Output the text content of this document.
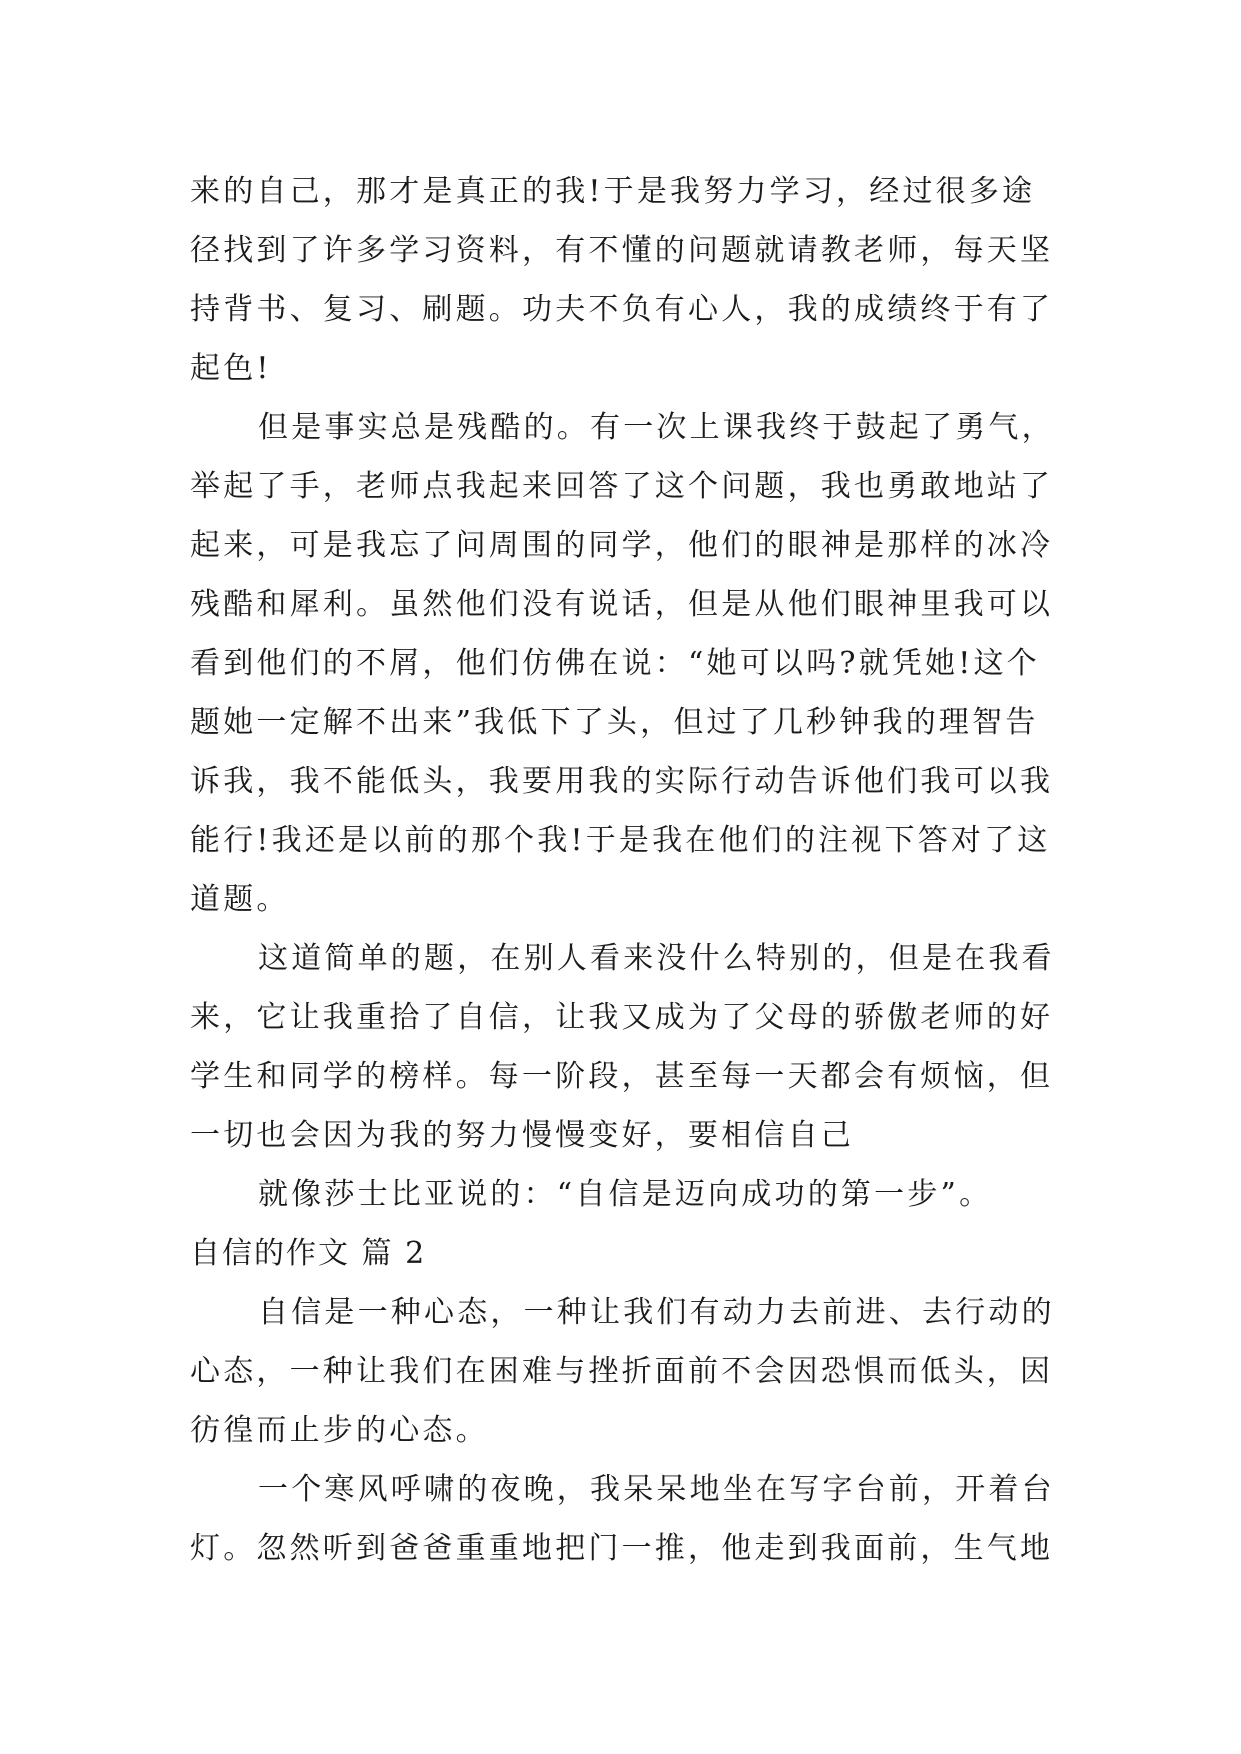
来的自己，那才是真正的我!于是我努力学习，经过很多途
径找到了许多学习资料，有不懂的问题就请教老师，每天坚
持背书、复习、刷题。功夫不负有心人，我的成绩终于有了
起色!
但是事实总是残酷的。有一次上课我终于鼓起了勇气，
举起了手，老师点我起来回答了这个问题，我也勇敢地站了
起来，可是我忘了问周围的同学，他们的眼神是那样的冰冷
残酷和犀利。虽然他们没有说话，但是从他们眼神里我可以
看到他们的不屑，他们仿佛在说：“她可以吗?就凭她!这个
题她一定解不出来”我低下了头，但过了几秒钟我的理智告
诉我，我不能低头，我要用我的实际行动告诉他们我可以我
能行!我还是以前的那个我!于是我在他们的注视下答对了这
道题。
这道简单的题，在别人看来没什么特别的，但是在我看
来，它让我重拾了自信，让我又成为了父母的骄傲老师的好
学生和同学的榜样。每一阶段，甚至每一天都会有烦恼，但
一切也会因为我的努力慢慢变好，要相信自己
就像莎士比亚说的：“自信是迈向成功的第一步”。
自信的作文 篇 2
自信是一种心态，一种让我们有动力去前进、去行动的
心态，一种让我们在困难与挫折面前不会因恐惧而低头，因
彷徨而止步的心态。
一个寒风呼啸的夜晚，我呆呆地坐在写字台前，开着台
灯。忽然听到爸爸重重地把门一推，他走到我面前，生气地
